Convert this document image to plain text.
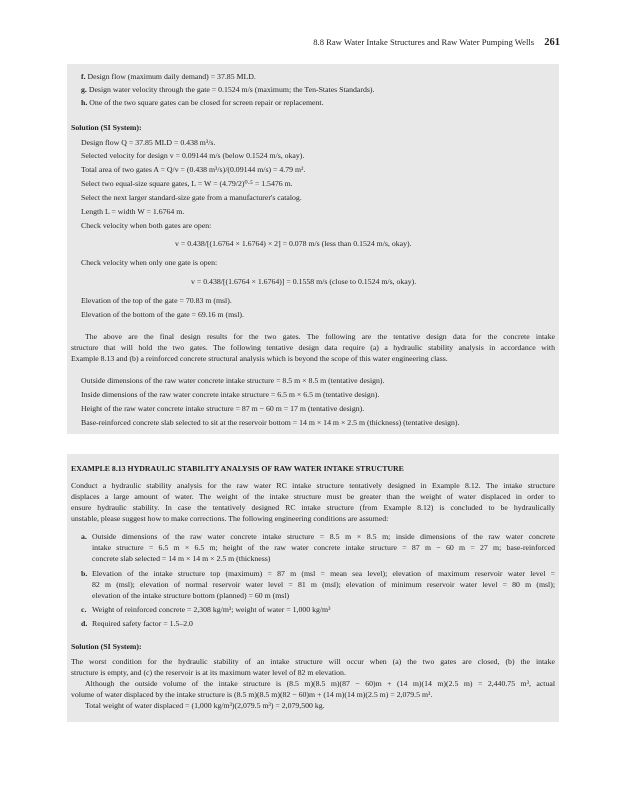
8.8 Raw Water Intake Structures and Raw Water Pumping Wells 261
f. Design flow (maximum daily demand) = 37.85 MLD.
g. Design water velocity through the gate = 0.1524 m/s (maximum; the Ten-States Standards).
h. One of the two square gates can be closed for screen repair or replacement.
Solution (SI System):
Design flow Q = 37.85 MLD = 0.438 m³/s.
Selected velocity for design v = 0.09144 m/s (below 0.1524 m/s, okay).
Total area of two gates A = Q/v = (0.438 m³/s)/(0.09144 m/s) = 4.79 m².
Select two equal-size square gates, L = W = (4.79/2)⁰·⁵ = 1.5476 m.
Select the next larger standard-size gate from a manufacturer's catalog.
Length L = width W = 1.6764 m.
Check velocity when both gates are open:
v = 0.438/[(1.6764 × 1.6764) × 2] = 0.078 m/s (less than 0.1524 m/s, okay).
Check velocity when only one gate is open:
v = 0.438/[(1.6764 × 1.6764)] = 0.1558 m/s (close to 0.1524 m/s, okay).
Elevation of the top of the gate = 70.83 m (msl).
Elevation of the bottom of the gate = 69.16 m (msl).
The above are the final design results for the two gates. The following are the tentative design data for the concrete intake
structure that will hold the two gates. The following tentative design data require (a) a hydraulic stability analysis in accordance with
Example 8.13 and (b) a reinforced concrete structural analysis which is beyond the scope of this water engineering class.
Outside dimensions of the raw water concrete intake structure = 8.5 m × 8.5 m (tentative design).
Inside dimensions of the raw water concrete intake structure = 6.5 m × 6.5 m (tentative design).
Height of the raw water concrete intake structure = 87 m − 60 m = 17 m (tentative design).
Base-reinforced concrete slab selected to sit at the reservoir bottom = 14 m × 14 m × 2.5 m (thickness) (tentative design).
EXAMPLE 8.13 HYDRAULIC STABILITY ANALYSIS OF RAW WATER INTAKE STRUCTURE
Conduct a hydraulic stability analysis for the raw water RC intake structure tentatively designed in Example 8.12. The intake structure
displaces a large amount of water. The weight of the intake structure must be greater than the weight of water displaced in order to
ensure hydraulic stability. In case the tentatively designed RC intake structure (from Example 8.12) is concluded to be hydraulically
unstable, please suggest how to make corrections. The following engineering conditions are assumed:
a. Outside dimensions of the raw water concrete intake structure = 8.5 m × 8.5 m; inside dimensions of the raw water concrete
intake structure = 6.5 m × 6.5 m; height of the raw water concrete intake structure = 87 m − 60 m = 27 m; base-reinforced
concrete slab selected = 14 m × 14 m × 2.5 m (thickness)
b. Elevation of the intake structure top (maximum) = 87 m (msl = mean sea level); elevation of maximum reservoir water level =
82 m (msl); elevation of normal reservoir water level = 81 m (msl); elevation of minimum reservoir water level = 80 m (msl);
elevation of the intake structure bottom (planned) = 60 m (msl)
c. Weight of reinforced concrete = 2,308 kg/m³; weight of water = 1,000 kg/m³
d. Required safety factor = 1.5–2.0
Solution (SI System):
The worst condition for the hydraulic stability of an intake structure will occur when (a) the two gates are closed, (b) the intake
structure is empty, and (c) the reservoir is at its maximum water level of 82 m elevation.
Although the outside volume of the intake structure is (8.5 m)(8.5 m)(87 − 60)m + (14 m)(14 m)(2.5 m) = 2,440.75 m³, actual
volume of water displaced by the intake structure is (8.5 m)(8.5 m)(82 − 60)m + (14 m)(14 m)(2.5 m) = 2,079.5 m³.
Total weight of water displaced = (1,000 kg/m³)(2,079.5 m³) = 2,079,500 kg.
